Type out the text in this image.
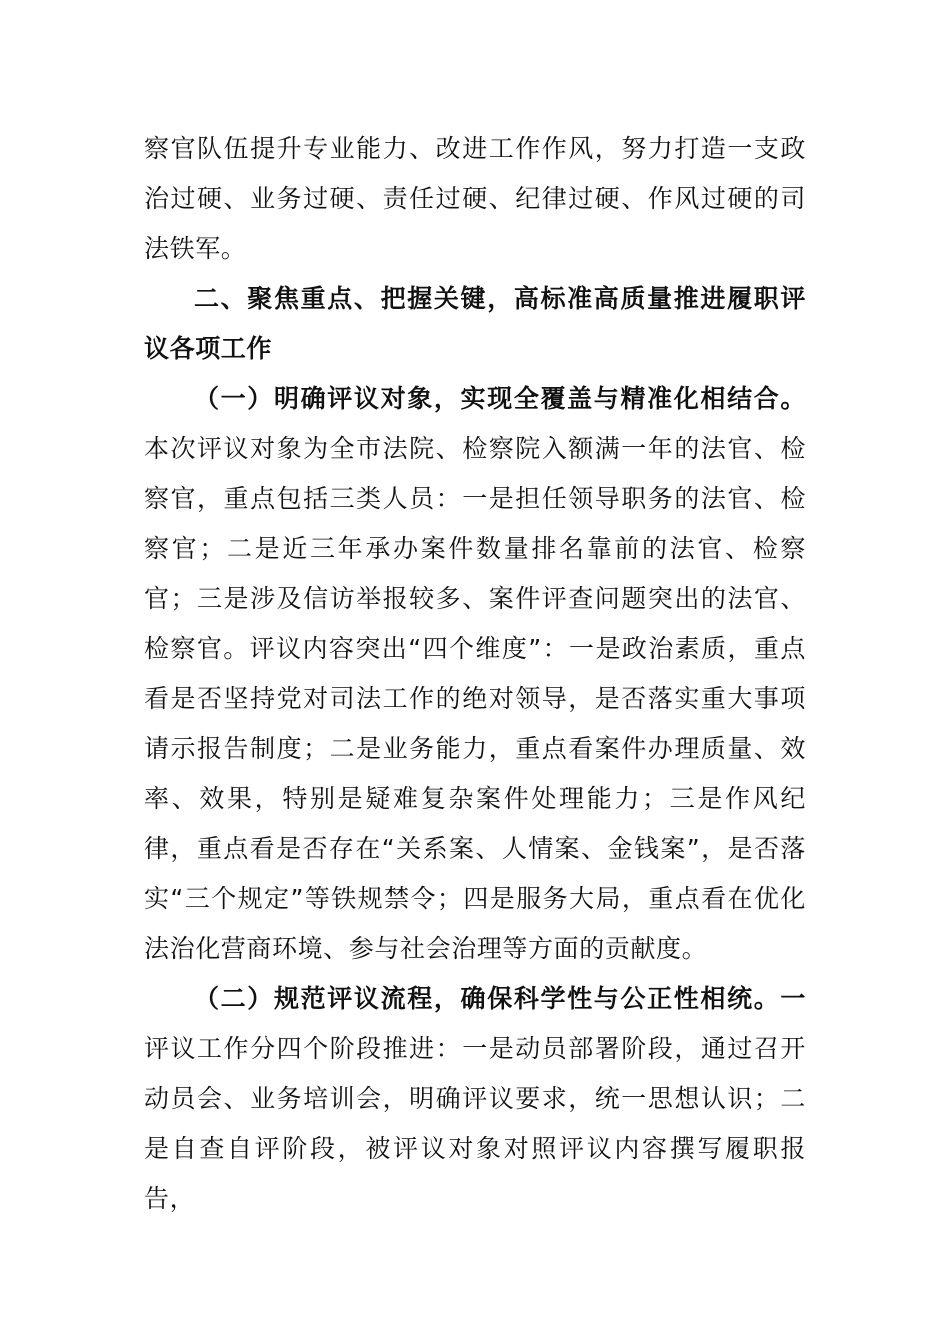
察官队伍提升专业能力、改进工作作风，努力打造一支政治过硬、业务过硬、责任过硬、纪律过硬、作风过硬的司法铁军。

二、聚焦重点、把握关键，高标准高质量推进履职评议各项工作

（一）明确评议对象，实现全覆盖与精准化相结合。本次评议对象为全市法院、检察院入额满一年的法官、检察官，重点包括三类人员：一是担任领导职务的法官、检察官；二是近三年承办案件数量排名靠前的法官、检察官；三是涉及信访举报较多、案件评查问题突出的法官、检察官。评议内容突出“四个维度”：一是政治素质，重点看是否坚持党对司法工作的绝对领导，是否落实重大事项请示报告制度；二是业务能力，重点看案件办理质量、效率、效果，特别是疑难复杂案件处理能力；三是作风纪律，重点看是否存在“关系案、人情案、金钱案”，是否落实“三个规定”等铁规禁令；四是服务大局，重点看在优化法治化营商环境、参与社会治理等方面的贡献度。

（二）规范评议流程，确保科学性与公正性相统。一评议工作分四个阶段推进：一是动员部署阶段，通过召开动员会、业务培训会，明确评议要求，统一思想认识；二是自查自评阶段，被评议对象对照评议内容撰写履职报告，
